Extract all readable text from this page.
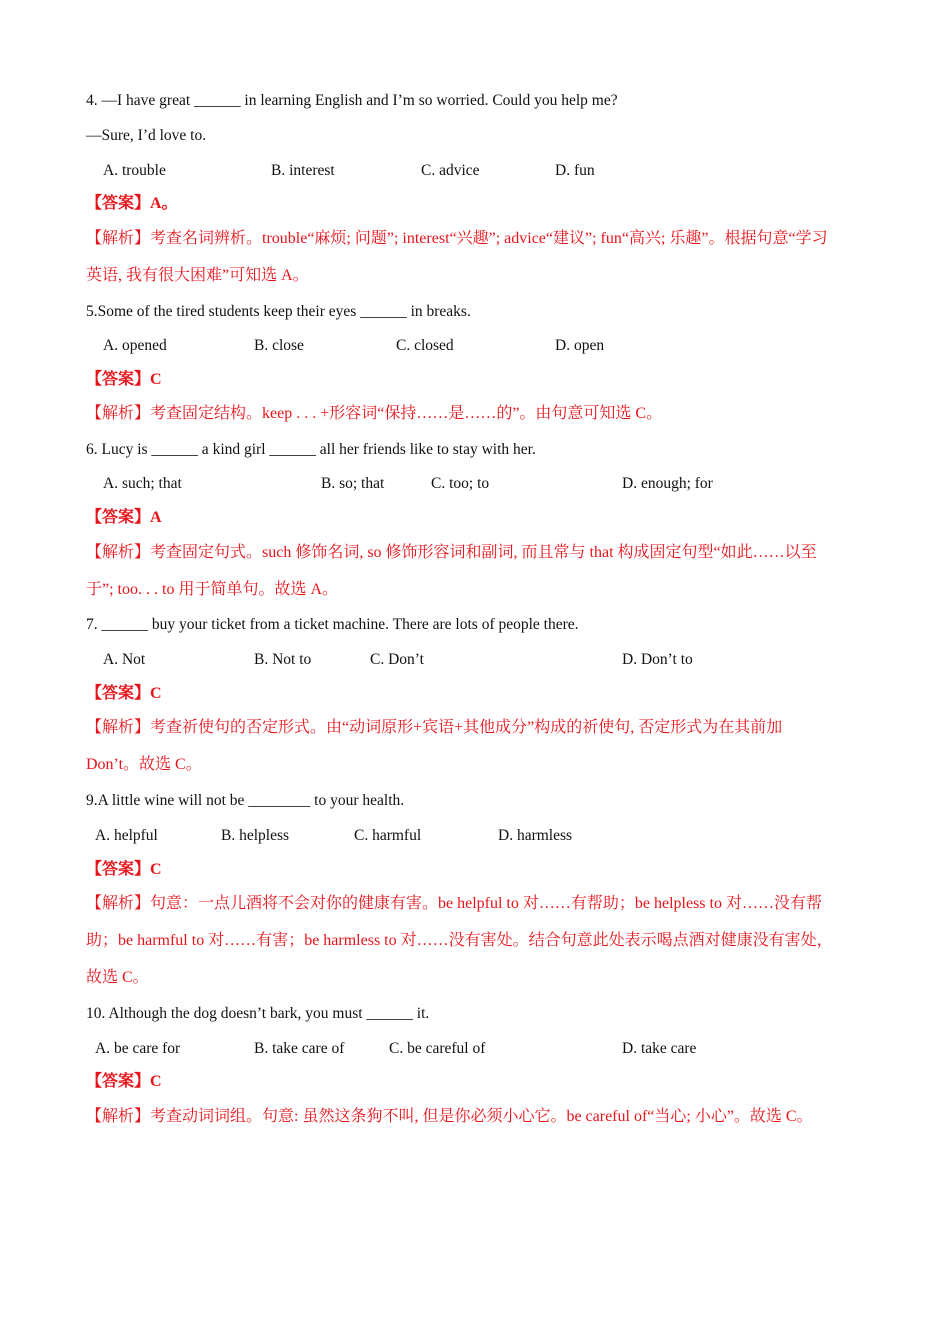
4. —I have great ______ in learning English and I’m so worried. Could you help me?
—Sure, I’d love to.
A. trouble	B. interest	C. advice	D. fun
【答案】A。
【解析】考查名词辨析。trouble“麻烦; 问题”; interest“兴趣”; advice“建议”; fun“高兴; 乐趣”。根据句意“学习
英语, 我有很大困难”可知选 A。
5.Some of the tired students keep their eyes ______ in breaks.
A. opened	B. close	C. closed	D. open
【答案】C
【解析】考查固定结构。keep . . . +形容词“保持……是……的”。由句意可知选 C。
6. Lucy is ______ a kind girl ______ all her friends like to stay with her.
A. such; that	B. so; that	C. too; to	D. enough; for
【答案】A
【解析】考查固定句式。such 修饰名词, so 修饰形容词和副词, 而且常与 that 构成固定句型“如此……以至
于”; too. . . to 用于简单句。故选 A。
7. ______ buy your ticket from a ticket machine. There are lots of people there.
A. Not	B. Not to	C. Don’t	D. Don’t to
【答案】C
【解析】考查祈使句的否定形式。由“动词原形+宾语+其他成分”构成的祈使句, 否定形式为在其前加
Don’t。故选 C。
9.A little wine will not be ________ to your health.
A. helpful	B. helpless	C. harmful	D. harmless
【答案】C
【解析】句意：一点儿酒将不会对你的健康有害。be helpful to 对……有帮助；be helpless to 对……没有帮
助；be harmful to 对……有害；be harmless to 对……没有害处。结合句意此处表示喝点酒对健康没有害处，
故选 C。
10. Although the dog doesn’t bark, you must ______ it.
A. be care for	B. take care of	C. be careful of	D. take care
【答案】C
【解析】考查动词词组。句意: 虽然这条狗不叫, 但是你必须小心它。be careful of“当心; 小心”。故选 C。
